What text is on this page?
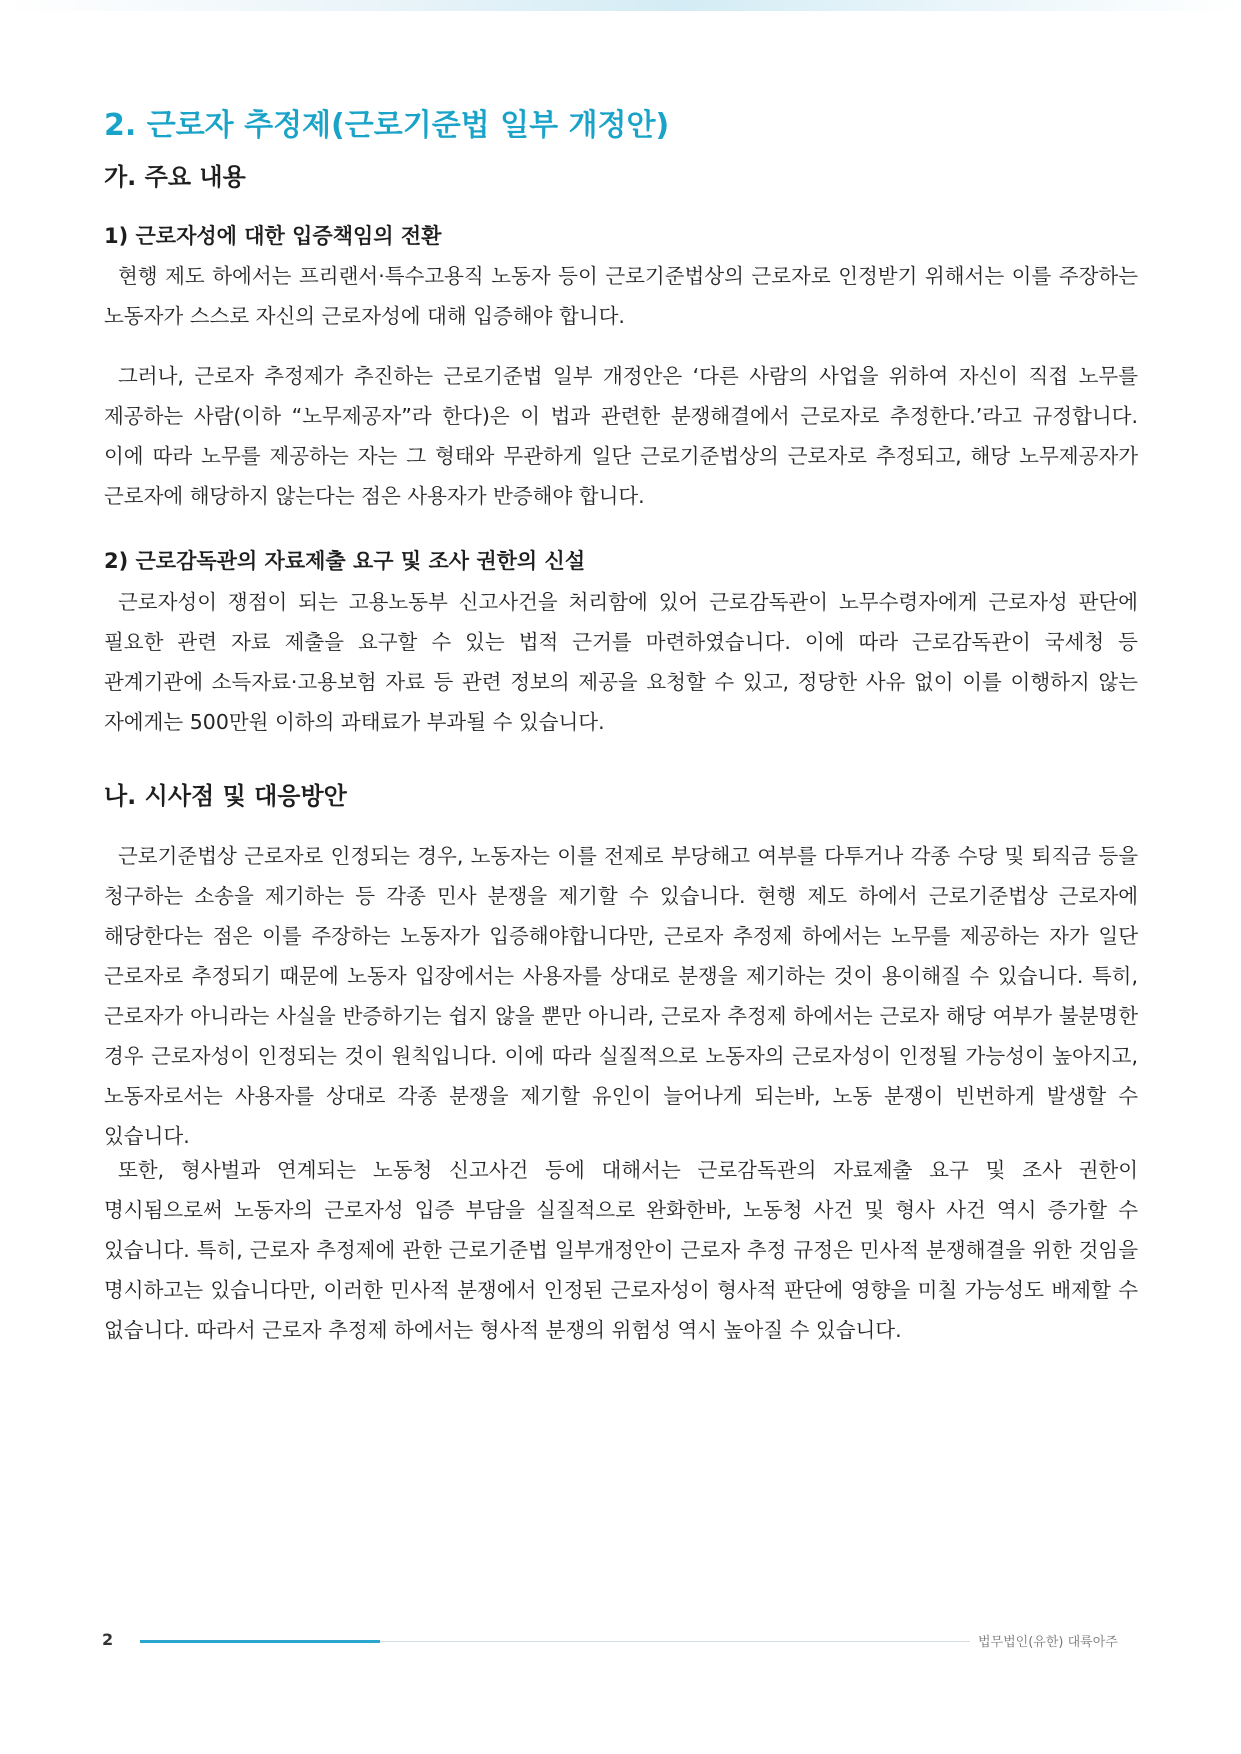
2. 근로자 추정제(근로기준법 일부 개정안)
가. 주요 내용
1) 근로자성에 대한 입증책임의 전환

현행 제도 하에서는 프리랜서·특수고용직 노동자 등이 근로기준법상의 근로자로 인정받기 위해서는 이를 주장하는 노동자가 스스로 자신의 근로자성에 대해 입증해야 합니다.

그러나, 근로자 추정제가 추진하는 근로기준법 일부 개정안은 ‘다른 사람의 사업을 위하여 자신이 직접 노무를 제공하는 사람(이하 “노무제공자”라 한다)은 이 법과 관련한 분쟁해결에서 근로자로 추정한다.’라고 규정합니다. 이에 따라 노무를 제공하는 자는 그 형태와 무관하게 일단 근로기준법상의 근로자로 추정되고, 해당 노무제공자가 근로자에 해당하지 않는다는 점은 사용자가 반증해야 합니다.

2) 근로감독관의 자료제출 요구 및 조사 권한의 신설

근로자성이 쟁점이 되는 고용노동부 신고사건을 처리함에 있어 근로감독관이 노무수령자에게 근로자성 판단에 필요한 관련 자료 제출을 요구할 수 있는 법적 근거를 마련하였습니다. 이에 따라 근로감독관이 국세청 등 관계기관에 소득자료·고용보험 자료 등 관련 정보의 제공을 요청할 수 있고, 정당한 사유 없이 이를 이행하지 않는 자에게는 500만원 이하의 과태료가 부과될 수 있습니다.

나. 시사점 및 대응방안

근로기준법상 근로자로 인정되는 경우, 노동자는 이를 전제로 부당해고 여부를 다투거나 각종 수당 및 퇴직금 등을 청구하는 소송을 제기하는 등 각종 민사 분쟁을 제기할 수 있습니다. 현행 제도 하에서 근로기준법상 근로자에 해당한다는 점은 이를 주장하는 노동자가 입증해야합니다만, 근로자 추정제 하에서는 노무를 제공하는 자가 일단 근로자로 추정되기 때문에 노동자 입장에서는 사용자를 상대로 분쟁을 제기하는 것이 용이해질 수 있습니다. 특히, 근로자가 아니라는 사실을 반증하기는 쉽지 않을 뿐만 아니라, 근로자 추정제 하에서는 근로자 해당 여부가 불분명한 경우 근로자성이 인정되는 것이 원칙입니다. 이에 따라 실질적으로 노동자의 근로자성이 인정될 가능성이 높아지고, 노동자로서는 사용자를 상대로 각종 분쟁을 제기할 유인이 늘어나게 되는바, 노동 분쟁이 빈번하게 발생할 수 있습니다.

또한, 형사벌과 연계되는 노동청 신고사건 등에 대해서는 근로감독관의 자료제출 요구 및 조사 권한이 명시됨으로써 노동자의 근로자성 입증 부담을 실질적으로 완화한바, 노동청 사건 및 형사 사건 역시 증가할 수 있습니다. 특히, 근로자 추정제에 관한 근로기준법 일부개정안이 근로자 추정 규정은 민사적 분쟁해결을 위한 것임을 명시하고는 있습니다만, 이러한 민사적 분쟁에서 인정된 근로자성이 형사적 판단에 영향을 미칠 가능성도 배제할 수 없습니다. 따라서 근로자 추정제 하에서는 형사적 분쟁의 위험성 역시 높아질 수 있습니다.

2	법무법인(유한) 대륙아주
